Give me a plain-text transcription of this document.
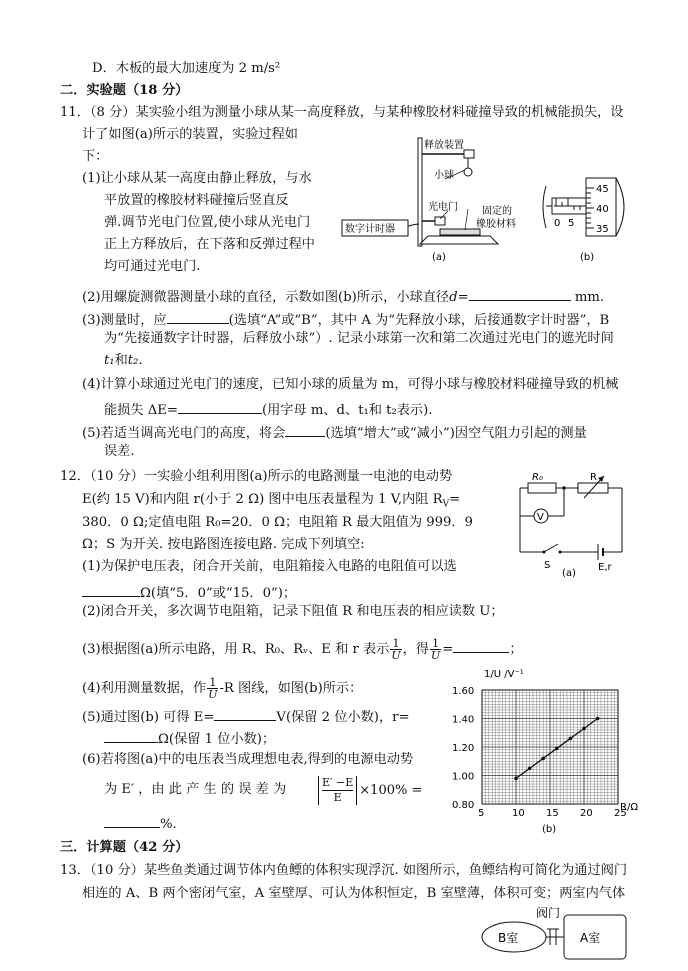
D．木板的最大加速度为 2 m/s²
二．实验题（18 分）
11．（8 分）某实验小组为测量小球从某一高度释放，与某种橡胶材料碰撞导致的机械能损失，设
计了如图(a)所示的装置，实验过程如
下：
(1)让小球从某一高度由静止释放，与水
平放置的橡胶材料碰撞后竖直反
弹.调节光电门位置,使小球从光电门
正上方释放后，在下落和反弹过程中
均可通过光电门.
(2)用螺旋测微器测量小球的直径，示数如图(b)所示，小球直径d=	mm.
(3)测量时，应	(选填“A”或“B”，其中 A 为“先释放小球，后接通数字计时器”，B
为“先接通数字计时器，后释放小球”）. 记录小球第一次和第二次通过光电门的遮光时间
t₁和t₂.
(4)计算小球通过光电门的速度，已知小球的质量为 m，可得小球与橡胶材料碰撞导致的机械
能损失 ΔE=	(用字母 m、d、t₁和 t₂表示).
(5)若适当调高光电门的高度，将会	(选填“增大”或“减小”)因空气阻力引起的测量
误差.
释放装置
小球
光电门 固定的
橡胶材料
数字计时器
(a)
45
40
35
0 5
(b)
12．（10 分）一实验小组利用图(a)所示的电路测量一电池的电动势
E(约 15 V)和内阻 r(小于 2 Ω) 图中电压表量程为 1 V,内阻 $R_V=$
380．0 Ω;定值电阻 R₀=20．0 Ω；电阻箱 R 最大阻值为 999．9
Ω；S 为开关. 按电路图连接电路. 完成下列填空:
(1)为保护电压表，闭合开关前，电阻箱接入电路的电阻值可以选
Ω(填“5．0”或“15．0”)；
(2)闭合开关，多次调节电阻箱，记录下阻值 R 和电压表的相应读数 U；
(3)根据图(a)所示电路，用 R、R₀、Rᵥ、E 和 r 表示 $\frac{1}{U}$ ，得 $\frac{1}{U}$ =	；
(4)利用测量数据，作 $\frac{1}{U} -R$ 图线，如图(b)所示：
(5)通过图(b) 可得 E=	V(保留 2 位小数)，r=
Ω(保留 1 位小数)；
(6)若将图(a)中的电压表当成理想电表,得到的电源电动势
为 E′ ，由 此 产 生 的 误 差 为	$\frac{E' -E}{E} \times 100\%$ =
%.
V
R₀	R
S	E,r
(a)
5	10 15 20 25
0.80
1.00
1.20
1.40
1.60
1/U /V⁻¹
R/Ω
(b)
三．计算题（42 分）
13．（10 分）某些鱼类通过调节体内鱼鳔的体积实现浮沉. 如图所示，鱼鳔结构可简化为通过阀门
相连的 A、B 两个密闭气室，A 室壁厚、可认为体积恒定，B 室壁薄，体积可变；两室内气体
阀门
B室	A室
